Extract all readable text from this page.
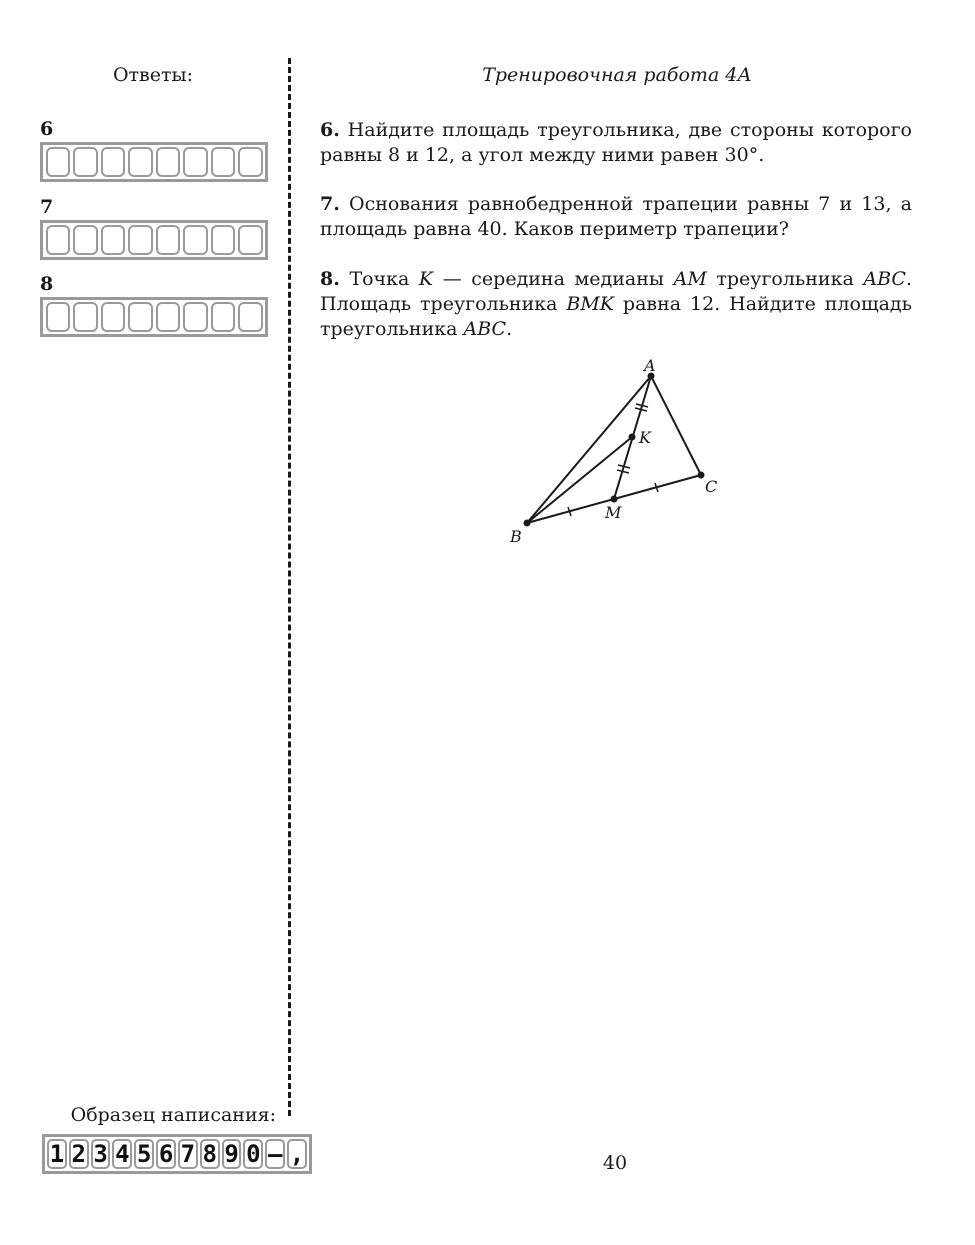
Ответы:
6
7
8
Тренировочная работа 4А
6. Найдите площадь треугольника, две стороны которого равны 8 и 12, а угол между ними равен 30°.
7. Основания равнобедренной трапеции равны 7 и 13, а площадь равна 40. Каков периметр трапеции?
8. Точка K — середина медианы AM треугольника ABC. Площадь треугольника BMK равна 12. Найдите площадь треугольника ABC.
A
B
C
K
M
Образец написания:
1 2 3 4 5 6 7 8 9 0 – ,	40
